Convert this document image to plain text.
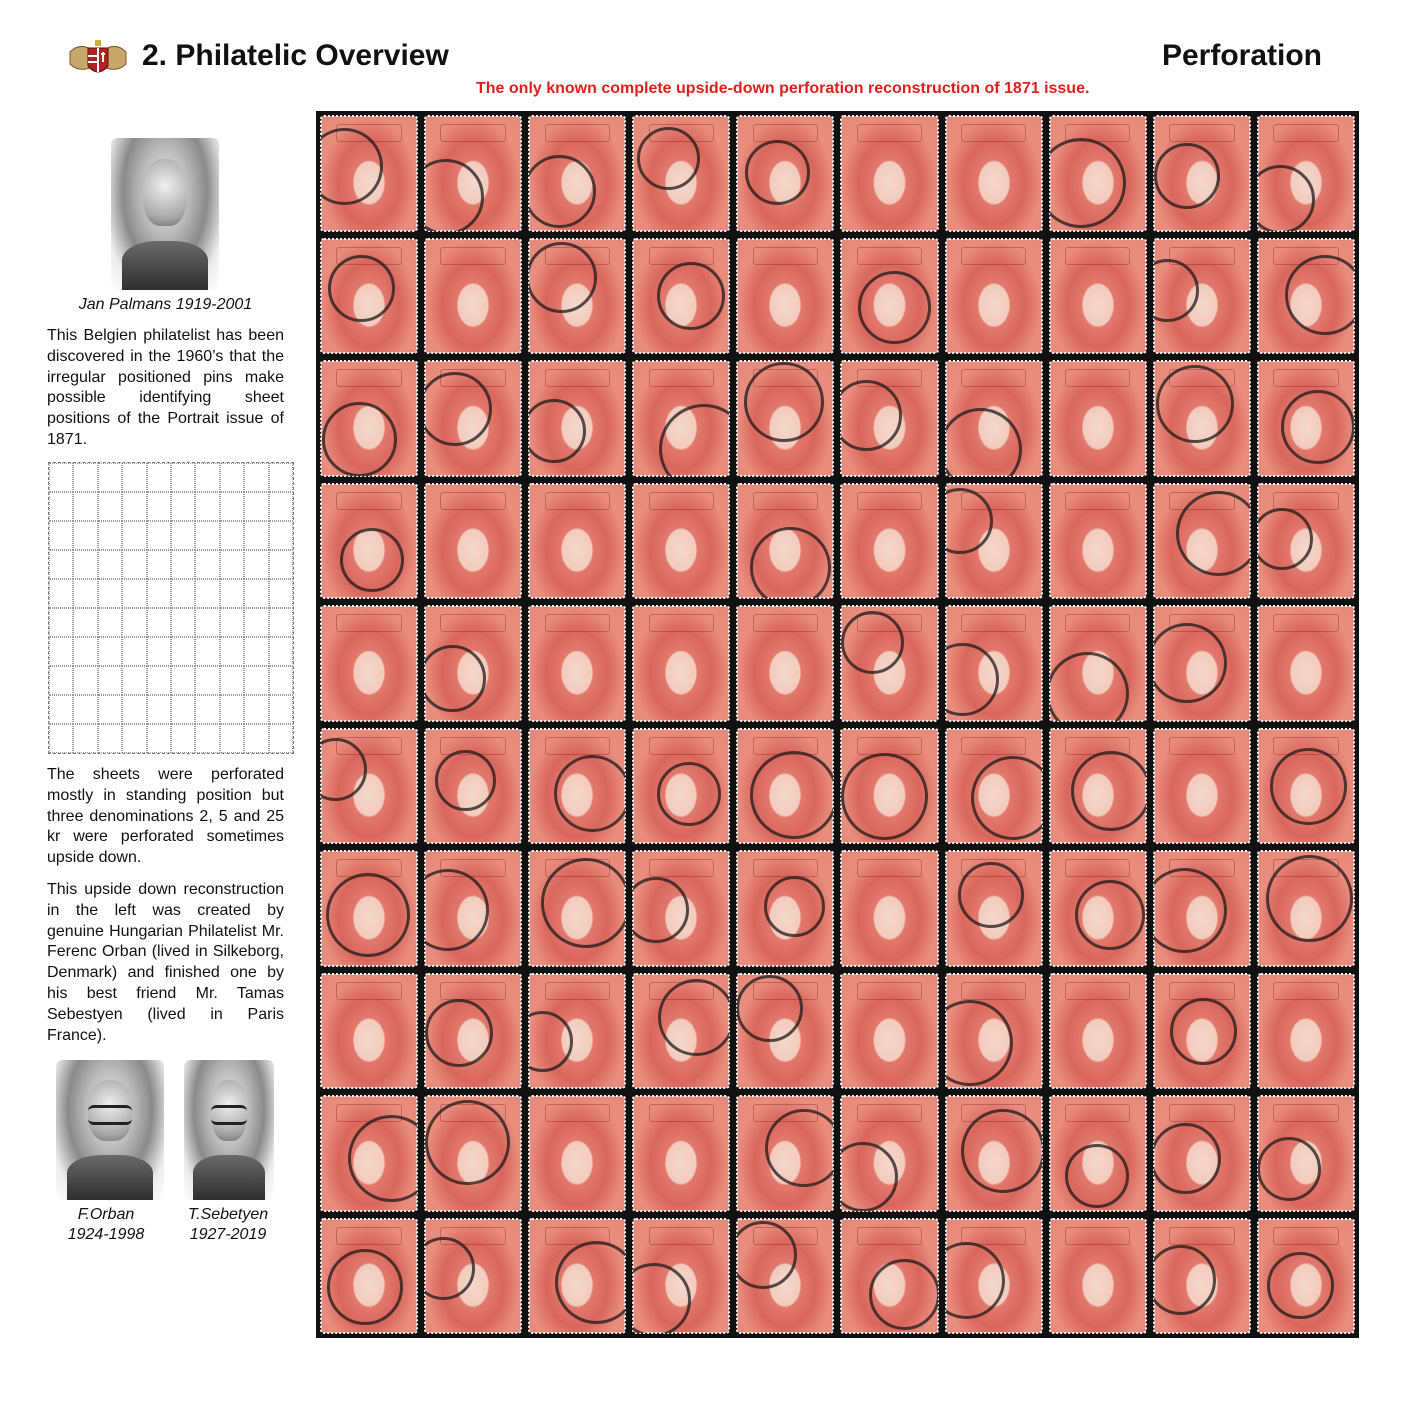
2. Philatelic Overview	Perforation
The only known complete upside-down perforation reconstruction of 1871 issue.
Jan Palmans 1919-2001

This Belgien philatelist has been discovered in the 1960’s that the irregular positioned pins make possible identifying sheet positions of the Portrait issue of 1871.

The sheets were perforated mostly in standing position but three denominations 2, 5 and 25 kr were perforated sometimes upside down.

This upside down reconstruction in the left was created by genuine Hungarian Philatelist Mr. Ferenc Orban (lived in Silkeborg, Denmark) and finished one by his best friend Mr. Tamas Sebestyen (lived in Paris France).

F.Orban
1924-1998
T.Sebetyen
1927-2019
